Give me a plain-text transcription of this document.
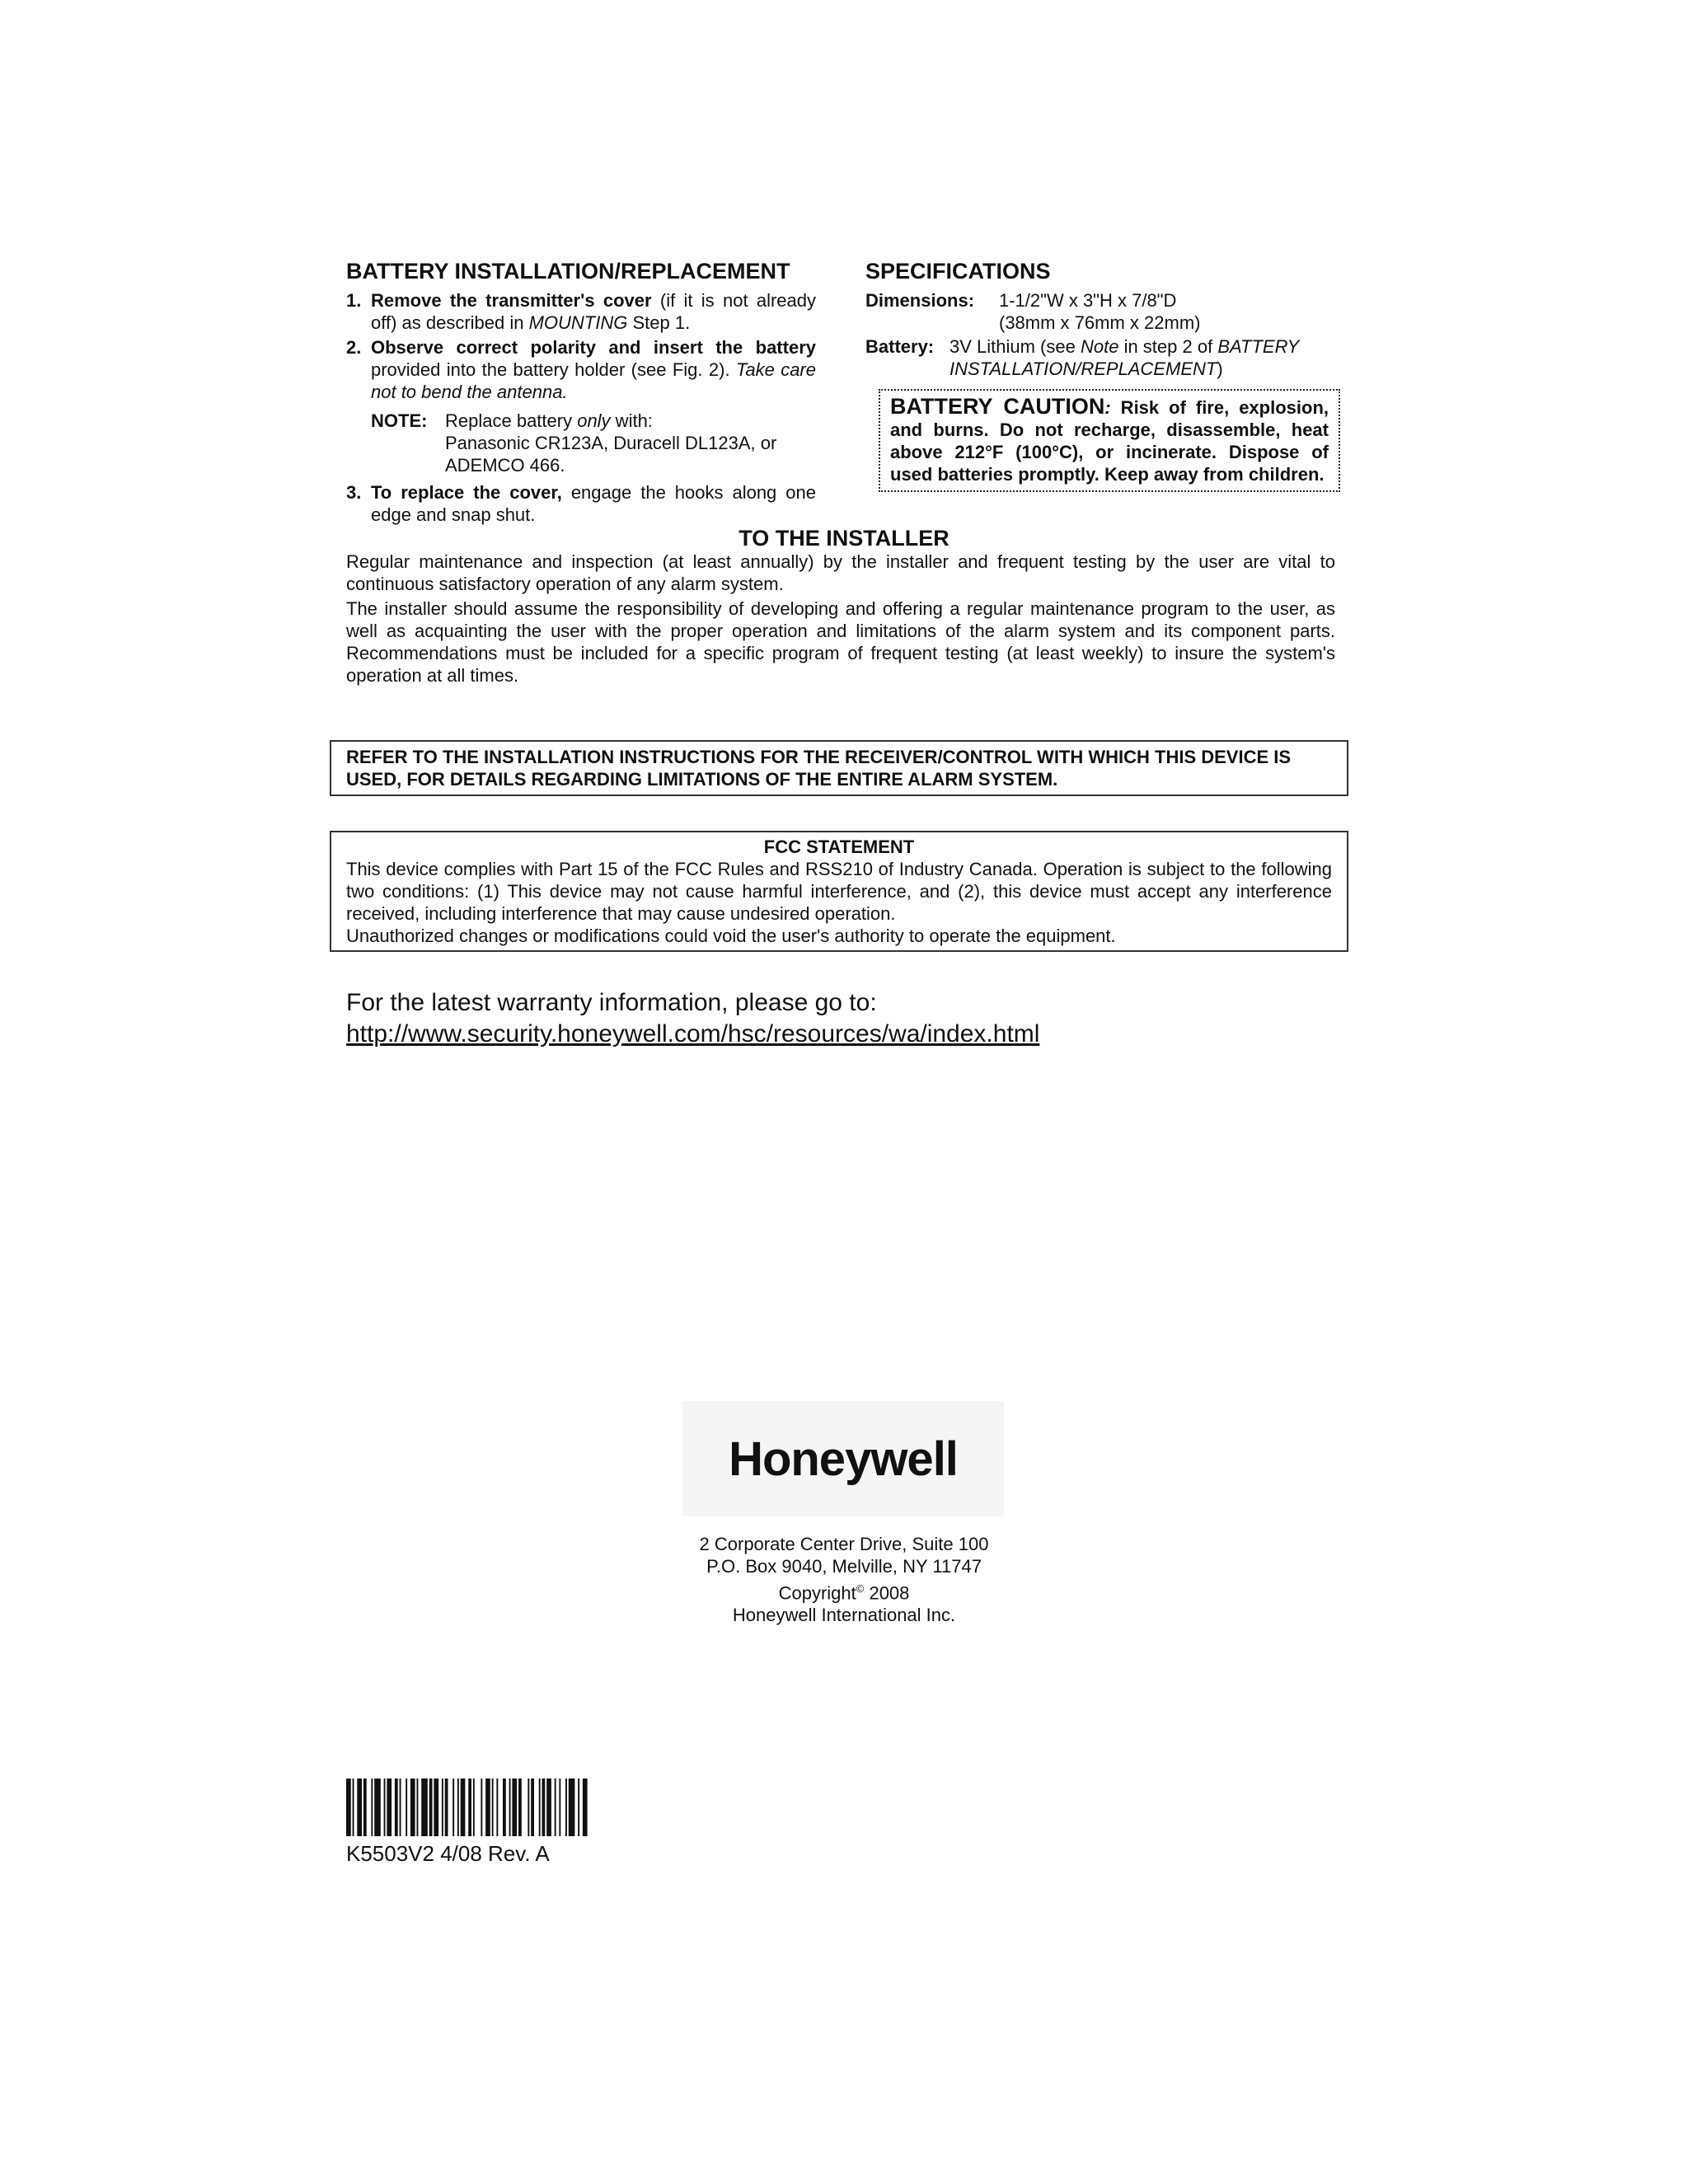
BATTERY INSTALLATION/REPLACEMENT
1. Remove the transmitter's cover (if it is not already off) as described in MOUNTING Step 1.
2. Observe correct polarity and insert the battery provided into the battery holder (see Fig. 2). Take care not to bend the antenna.
NOTE: Replace battery only with:
Panasonic CR123A, Duracell DL123A, or
ADEMCO 466.
3. To replace the cover, engage the hooks along one edge and snap shut.
SPECIFICATIONS
Dimensions:	1-1/2"W x 3"H x 7/8"D
(38mm x 76mm x 22mm)
Battery: 3V Lithium (see Note in step 2 of BATTERY INSTALLATION/REPLACEMENT)
BATTERY CAUTION: Risk of fire, explosion, and burns. Do not recharge, disassemble, heat above 212°F (100°C), or incinerate. Dispose of used batteries promptly. Keep away from children.
TO THE INSTALLER

Regular maintenance and inspection (at least annually) by the installer and frequent testing by the user are vital to continuous satisfactory operation of any alarm system.

The installer should assume the responsibility of developing and offering a regular maintenance program to the user, as well as acquainting the user with the proper operation and limitations of the alarm system and its component parts. Recommendations must be included for a specific program of frequent testing (at least weekly) to insure the system's operation at all times.

REFER TO THE INSTALLATION INSTRUCTIONS FOR THE RECEIVER/CONTROL WITH WHICH THIS DEVICE IS USED, FOR DETAILS REGARDING LIMITATIONS OF THE ENTIRE ALARM SYSTEM.
FCC STATEMENT

This device complies with Part 15 of the FCC Rules and RSS210 of Industry Canada. Operation is subject to the following two conditions: (1) This device may not cause harmful interference, and (2), this device must accept any interference received, including interference that may cause undesired operation.

Unauthorized changes or modifications could void the user's authority to operate the equipment.

For the latest warranty information, please go to:
http://www.security.honeywell.com/hsc/resources/wa/index.html
Honeywell
2 Corporate Center Drive, Suite 100
P.O. Box 9040, Melville, NY 11747
Copyright© 2008
Honeywell International Inc.
K5503V2 4/08 Rev. A
